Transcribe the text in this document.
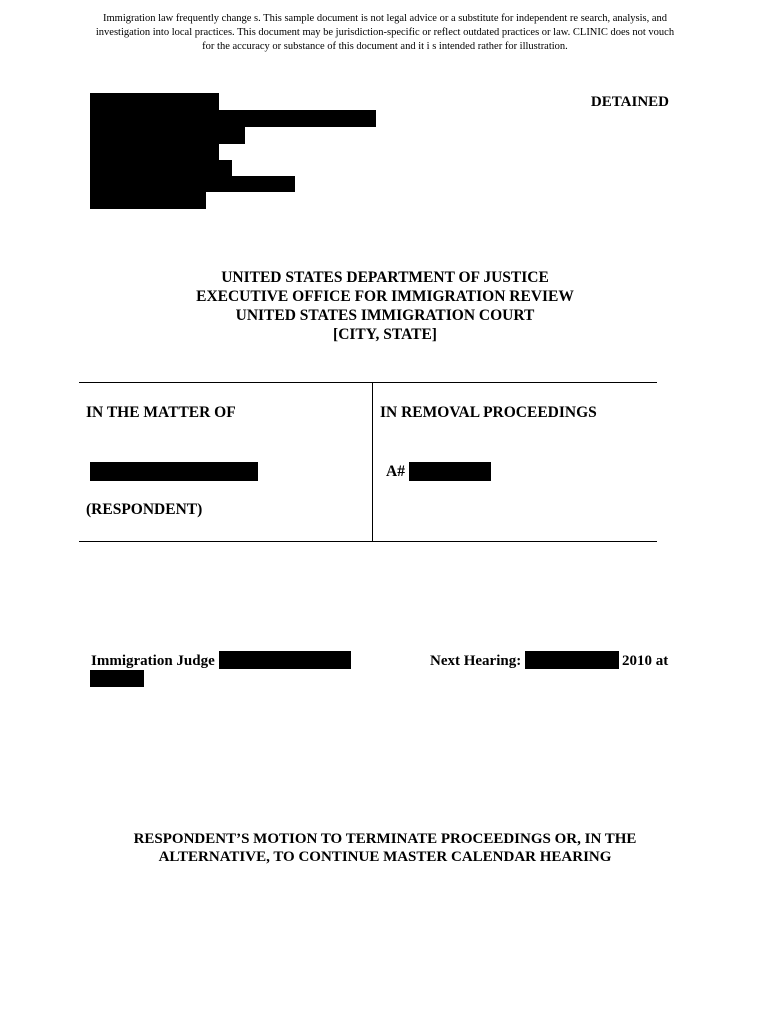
Immigration law frequently change s. This sample document is not legal advice or a substitute for independent re search, analysis, and
investigation into local practices. This document may be jurisdiction-specific or reflect outdated practices or law. CLINIC does not vouch
for the accuracy or substance of this document and it i s intended rather for illustration.
DETAINED
UNITED STATES DEPARTMENT OF JUSTICE
EXECUTIVE OFFICE FOR IMMIGRATION REVIEW
UNITED STATES IMMIGRATION COURT
[CITY, STATE]
IN THE MATTER OF
(RESPONDENT)
IN REMOVAL PROCEEDINGS
A#
Immigration Judge	Next Hearing:	2010 at
RESPONDENT’S MOTION TO TERMINATE PROCEEDINGS OR, IN THE
ALTERNATIVE, TO CONTINUE MASTER CALENDAR HEARING
